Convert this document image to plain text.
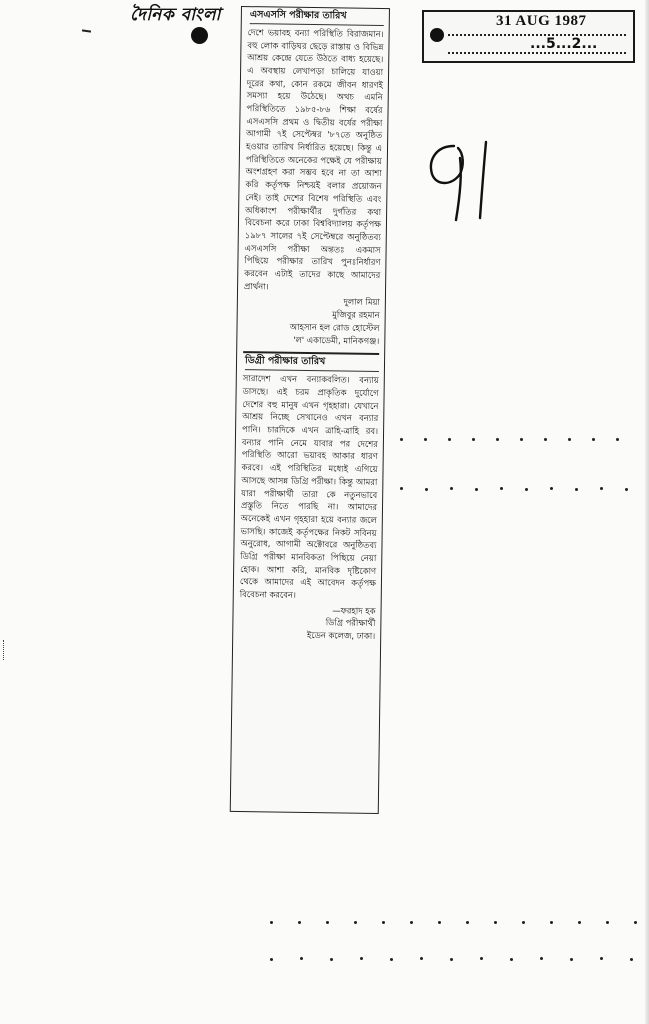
দৈনিক বাংলা	31 AUG 1987
...5...2...
এসএসসি পরীক্ষার তারিখ
দেশে ভয়াবহ বন্যা পরিস্থিতি বিরাজমান। বহু লোক বাড়িঘর ছেড়ে রাস্তায় ও বিভিন্ন আশ্রয় কেন্দ্রে যেতে উঠতে বাধ্য হয়েছে। এ অবস্থায় লেখাপড়া চালিয়ে যাওয়া দূরের কথা, কোন রকমে জীবন ধারণই সমস্যা হয়ে উঠেছে। অথচ এমনি পরিস্থিতিতে ১৯৮৫-৮৬ শিক্ষা বর্ষের এসএসসি প্রথম ও দ্বিতীয় বর্ষের পরীক্ষা আগামী ৭ই সেপ্টেম্বর '৮৭তে অনুষ্ঠিত হওয়ার তারিখ নির্ধারিত হয়েছে। কিন্তু এ পরিস্থিতিতে অনেকের পক্ষেই যে পরীক্ষায় অংশগ্রহণ করা সম্ভব হবে না তা আশা করি কর্তৃপক্ষ নিশ্চয়ই বলার প্রয়োজন নেই। তাই দেশের বিশেষ পরিস্থিতি এবং অধিকাংশ পরীক্ষার্থীর দুর্গতির কথা বিবেচনা করে ঢাকা বিশ্ববিদ্যালয় কর্তৃপক্ষ ১৯৮৭ সালের ৭ই সেপ্টেম্বরে অনুষ্ঠিতব্য এসএসসি পরীক্ষা অন্ততঃ একমাস পিছিয়ে পরীক্ষার তারিখ পুনঃনির্ধারণ করবেন এটাই তাদের কাছে আমাদের প্রার্থনা।
দুলাল মিয়া
মুজিবুর রহমান
আহসান হল রোড হোস্টেল
'ল' একাডেমী, মানিকগঞ্জ।
ডিগ্রী পরীক্ষার তারিখ
সারাদেশ এখন বন্যাকবলিত। বন্যায় ডাসছে। এই চরম প্রাকৃতিক দুর্যোগে দেশের বহু মানুষ এখন গৃহহারা। যেখানে আশ্রয় নিচ্ছে সেখানেও এখন বন্যার পানি। চারদিকে এখন ত্রাহি-ত্রাহি রব। বন্যার পানি নেমে যাবার পর দেশের পরিস্থিতি আরো ভয়াবহ আকার ধারণ করবে। এই পরিস্থিতির মধ্যেই এগিয়ে আসছে আসন্ন ডিগ্রি পরীক্ষা। কিন্তু আমরা যারা পরীক্ষার্থী তারা কে নতুনভাবে প্রস্তুতি নিতে পারছি না। আমাদের অনেকেই এখন গৃহহারা হয়ে বন্যার জলে ভাসছি। কাজেই কর্তৃপক্ষের নিকট সবিনয় অনুরোধ, আগামী অক্টোবরে অনুষ্ঠিতব্য ডিগ্রি পরীক্ষা মানবিকতা পিছিয়ে নেয়া হোক। আশা করি, মানবিক দৃষ্টিকোণ থেকে আমাদের এই আবেদন কর্তৃপক্ষ বিবেচনা করবেন।
—ফরহাদ হক
ডিগ্রি পরীক্ষার্থী
ইডেন কলেজ, ঢাকা।
